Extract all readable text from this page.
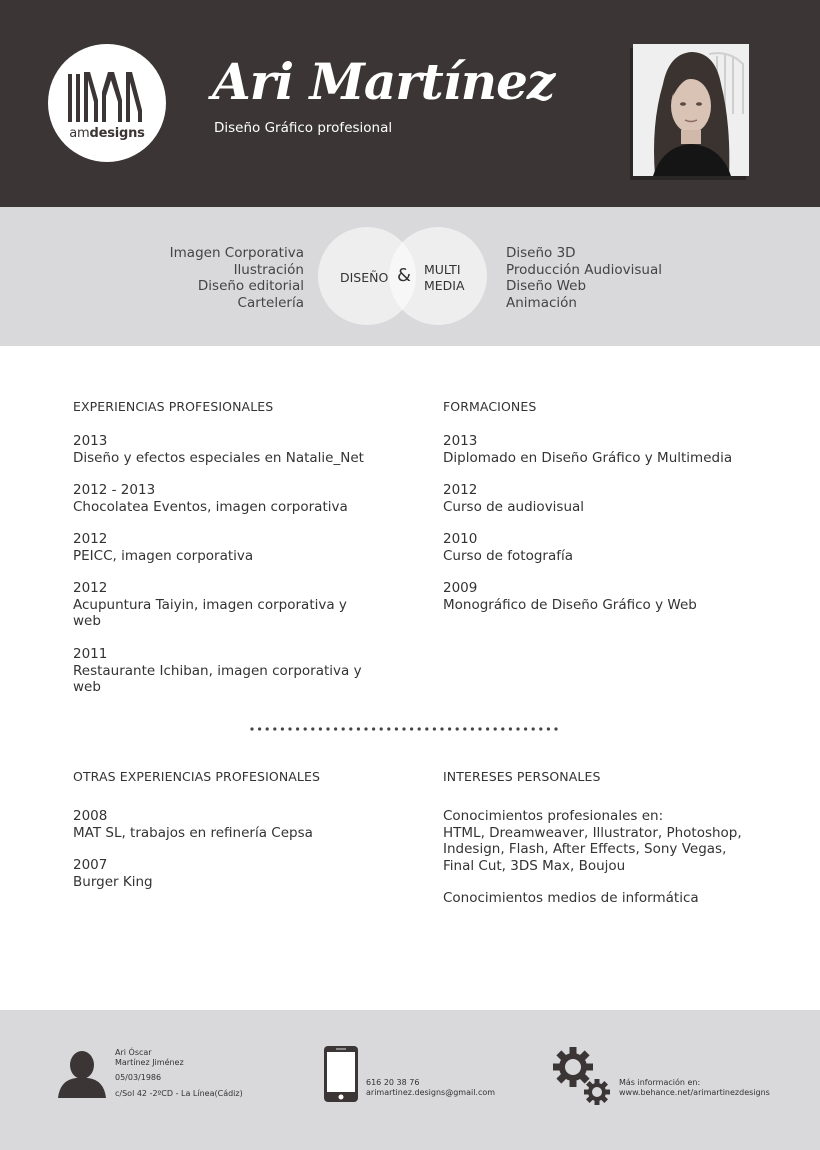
amdesigns
Ari Martínez
Diseño Gráfico profesional
Imagen Corporativa
Ilustración
Diseño editorial
Cartelería
DISEÑO & MULTI
MEDIA
Diseño 3D
Producción Audiovisual
Diseño Web
Animación
EXPERIENCIAS PROFESIONALES
2013
Diseño y efectos especiales en Natalie_Net
2012 - 2013
Chocolatea Eventos, imagen corporativa
2012
PEICC, imagen corporativa
2012
Acupuntura Taiyin, imagen corporativa y web
2011
Restaurante Ichiban, imagen corporativa y web
FORMACIONES
2013
Diplomado en Diseño Gráfico y Multimedia
2012
Curso de audiovisual
2010
Curso de fotografía
2009
Monográfico de Diseño Gráfico y Web
OTRAS EXPERIENCIAS PROFESIONALES
2008
MAT SL, trabajos en refinería Cepsa
2007
Burger King
INTERESES PERSONALES
Conocimientos profesionales en:
HTML, Dreamweaver, Illustrator, Photoshop,
Indesign, Flash, After Effects, Sony Vegas,
Final Cut, 3DS Max, Boujou
Conocimientos medios de informática
Ari Óscar
Martínez Jiménez
05/03/1986
c/Sol 42 -2ºCD - La Línea(Cádiz)
616 20 38 76
arimartinez.designs@gmail.com
Más información en:
www.behance.net/arimartinezdesigns
